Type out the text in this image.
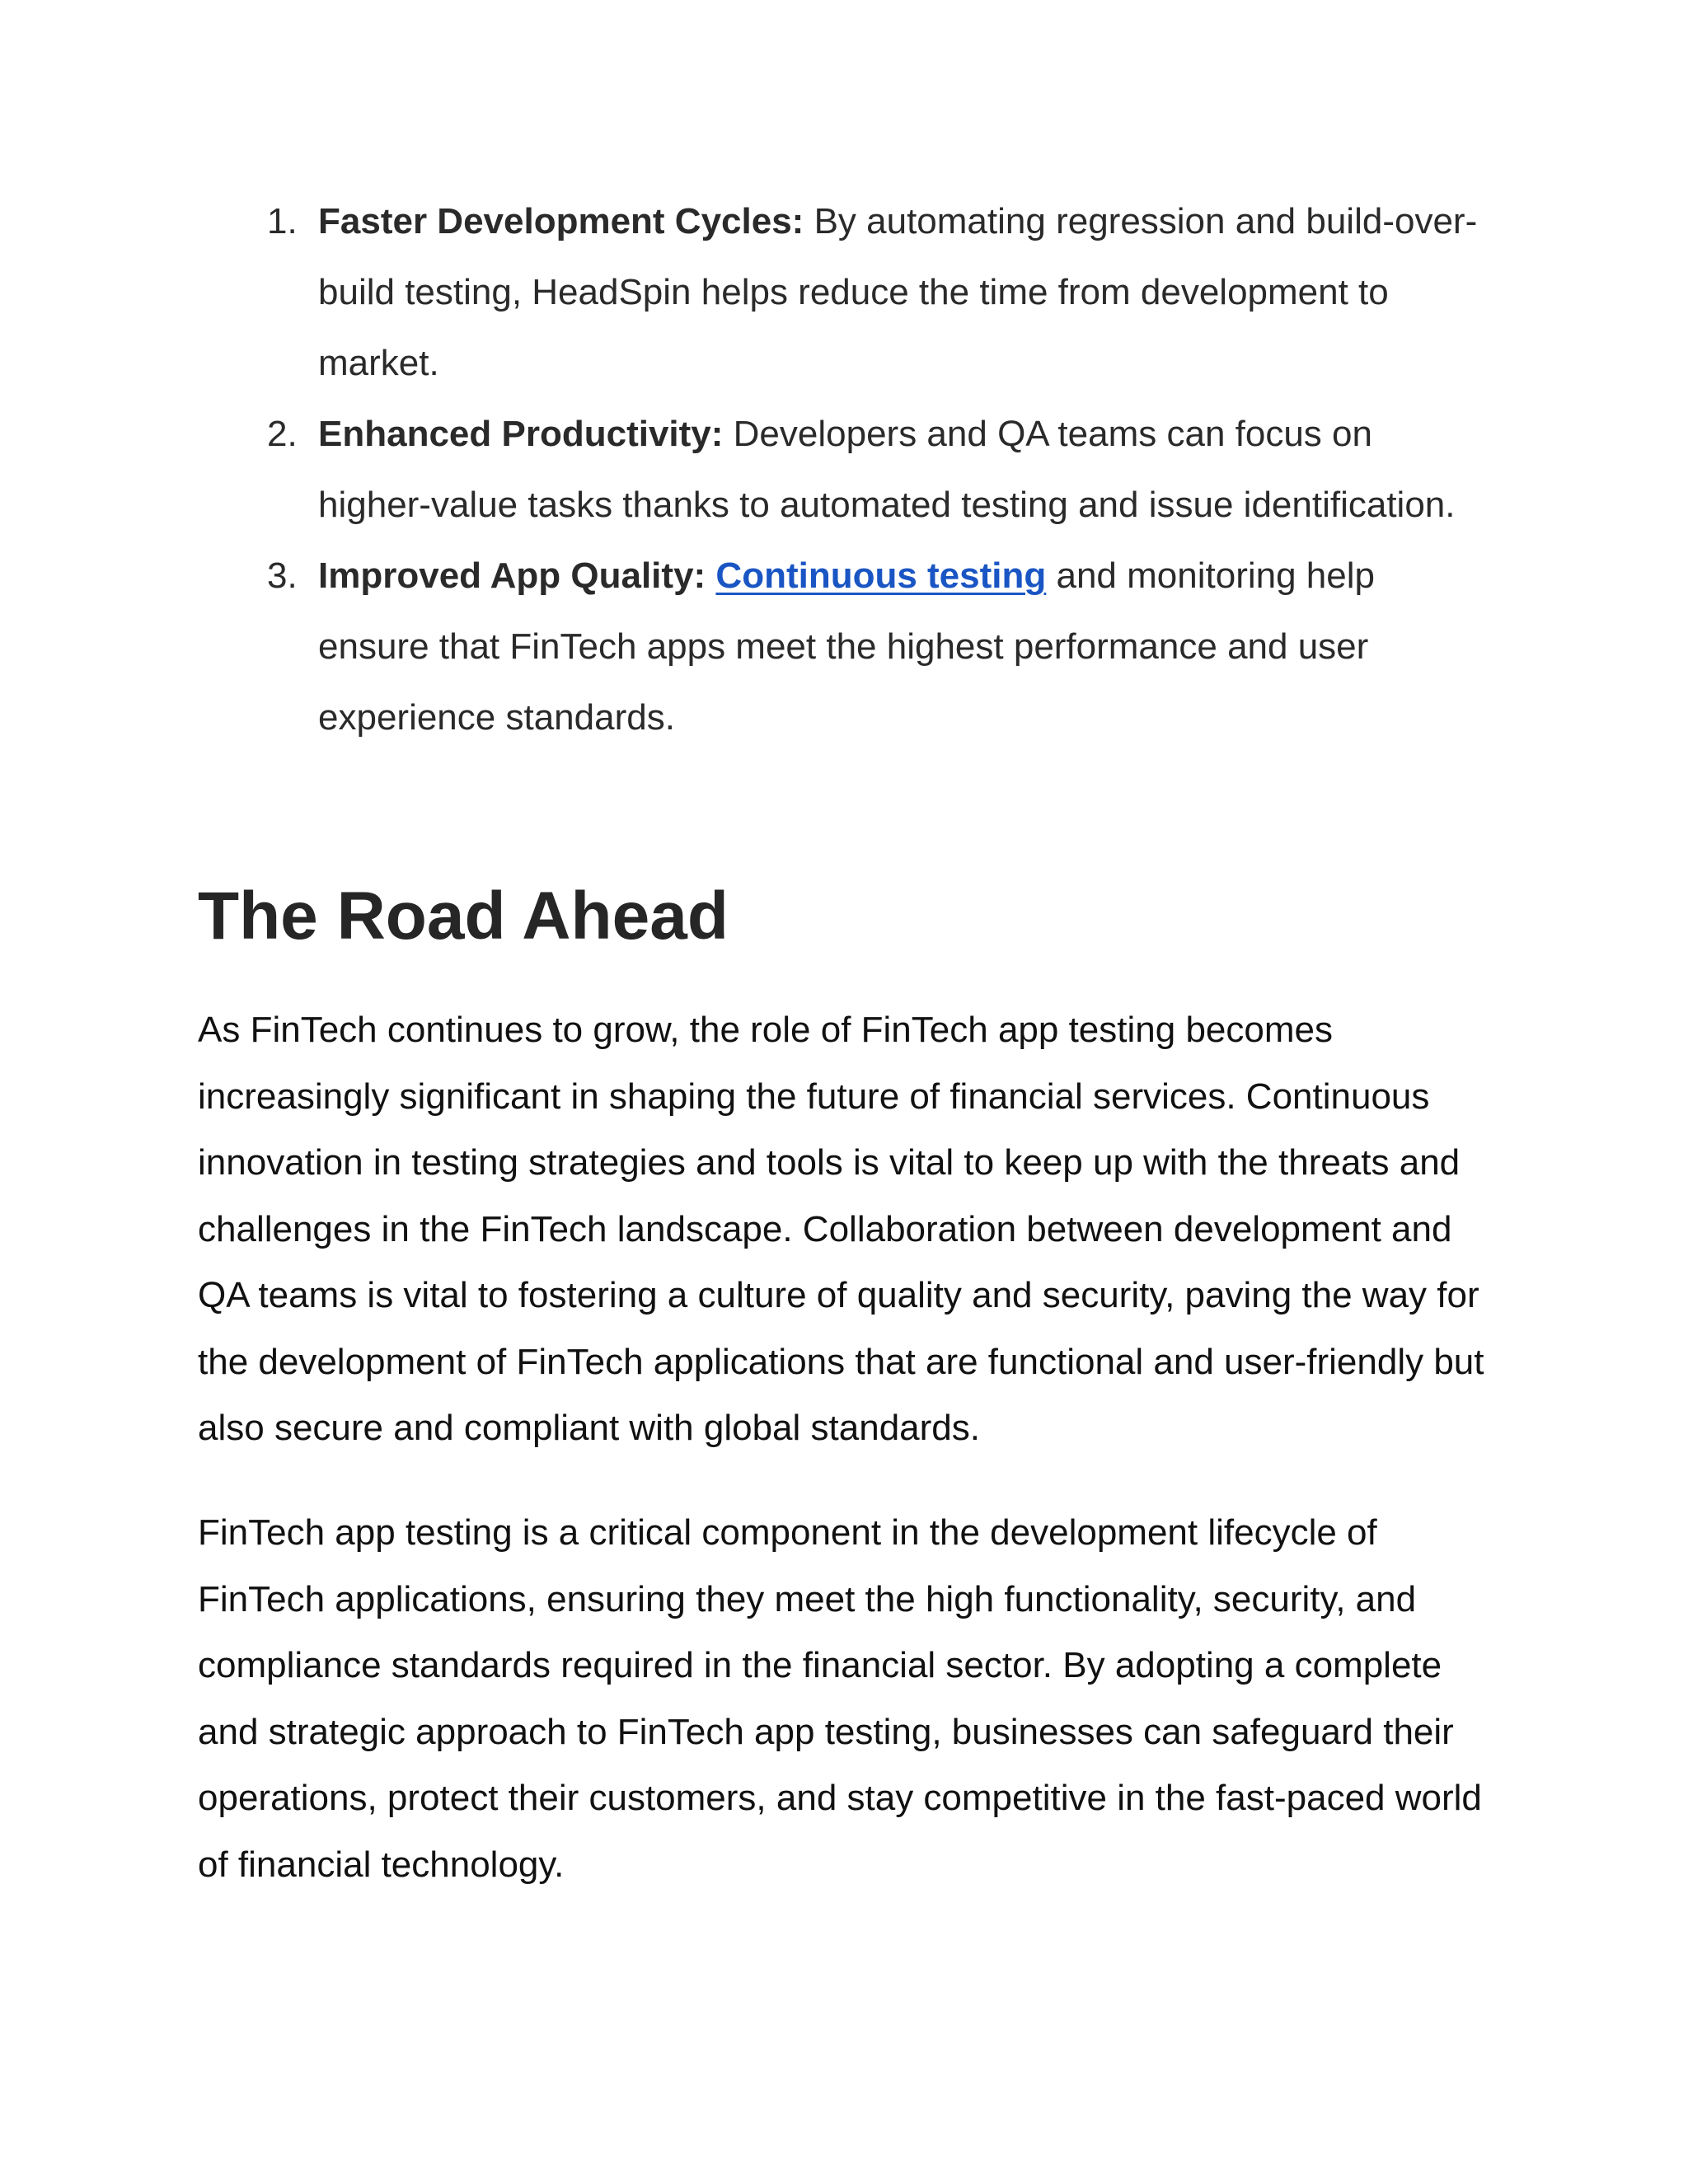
1. Faster Development Cycles: By automating regression and build-over-build testing, HeadSpin helps reduce the time from development to market.
2. Enhanced Productivity: Developers and QA teams can focus on higher-value tasks thanks to automated testing and issue identification.
3. Improved App Quality: Continuous testing and monitoring help ensure that FinTech apps meet the highest performance and user experience standards.
The Road Ahead

As FinTech continues to grow, the role of FinTech app testing becomes increasingly significant in shaping the future of financial services. Continuous innovation in testing strategies and tools is vital to keep up with the threats and challenges in the FinTech landscape. Collaboration between development and QA teams is vital to fostering a culture of quality and security, paving the way for the development of FinTech applications that are functional and user-friendly but also secure and compliant with global standards.

FinTech app testing is a critical component in the development lifecycle of FinTech applications, ensuring they meet the high functionality, security, and compliance standards required in the financial sector. By adopting a complete and strategic approach to FinTech app testing, businesses can safeguard their operations, protect their customers, and stay competitive in the fast-paced world of financial technology.
